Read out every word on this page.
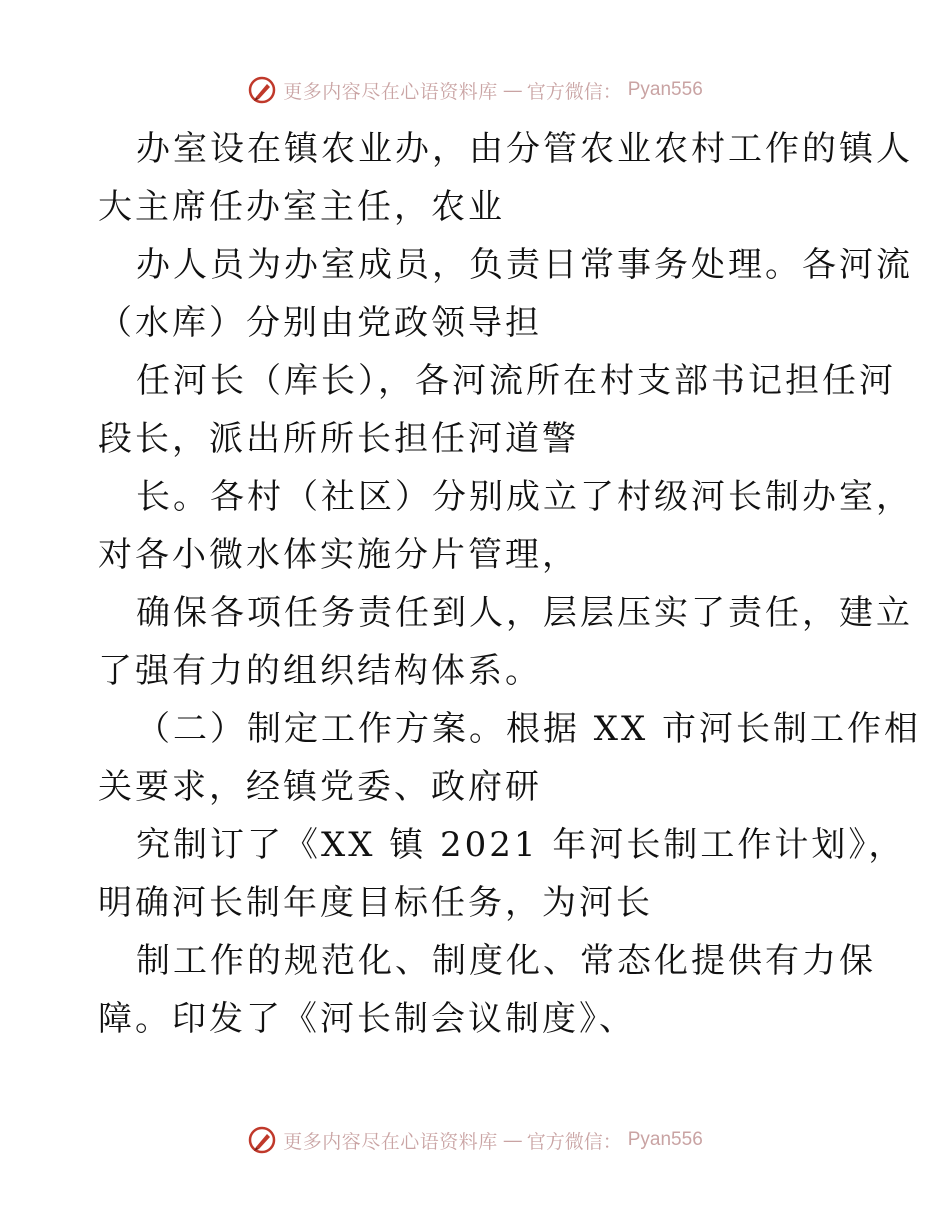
更多内容尽在心语资料库 — 官方微信： Pyan556
办室设在镇农业办，由分管农业农村工作的镇人
大主席任办室主任，农业
办人员为办室成员，负责日常事务处理。各河流
（水库）分别由党政领导担
任河长（库长），各河流所在村支部书记担任河
段长，派出所所长担任河道警
长。各村（社区）分别成立了村级河长制办室，
对各小微水体实施分片管理，
确保各项任务责任到人，层层压实了责任，建立
了强有力的组织结构体系。
（二）制定工作方案。根据 XX 市河长制工作相
关要求，经镇党委、政府研
究制订了《XX 镇 2021 年河长制工作计划》，
明确河长制年度目标任务，为河长
制工作的规范化、制度化、常态化提供有力保
障。印发了《河长制会议制度》、
更多内容尽在心语资料库 — 官方微信： Pyan556
